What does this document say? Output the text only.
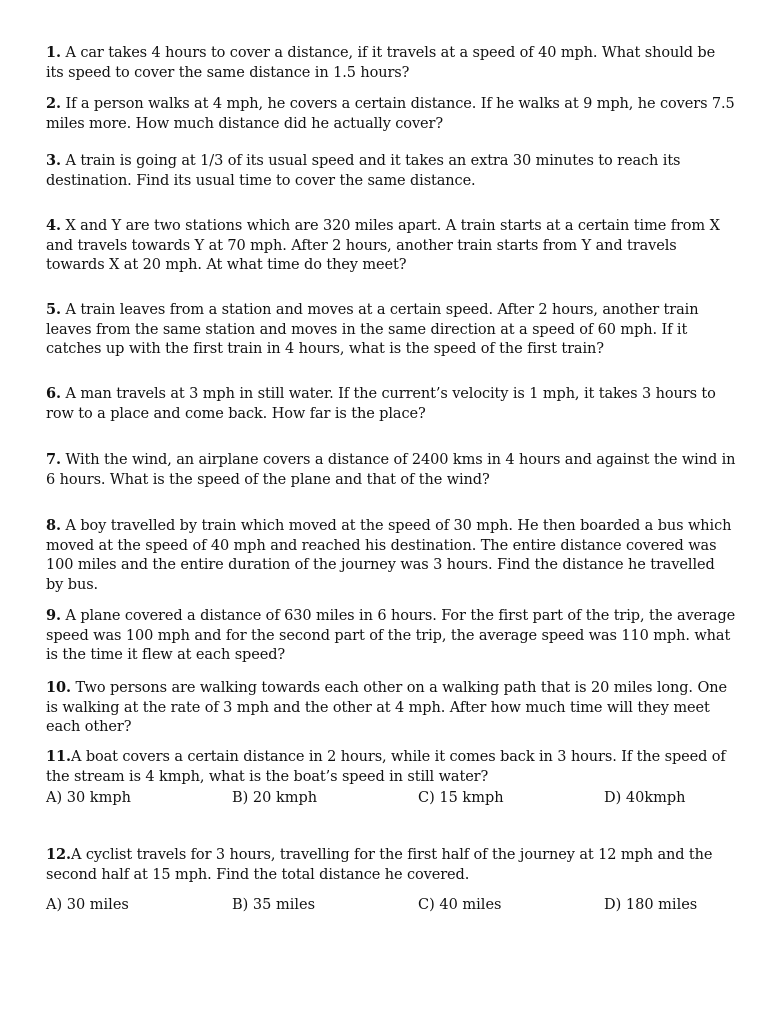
1. A car takes 4 hours to cover a distance, if it travels at a speed of 40 mph. What should be its speed to cover the same distance in 1.5 hours?
2. If a person walks at 4 mph, he covers a certain distance. If he walks at 9 mph, he covers 7.5 miles more. How much distance did he actually cover?
3. A train is going at 1/3 of its usual speed and it takes an extra 30 minutes to reach its destination. Find its usual time to cover the same distance.
4. X and Y are two stations which are 320 miles apart. A train starts at a certain time from X and travels towards Y at 70 mph. After 2 hours, another train starts from Y and travels towards X at 20 mph. At what time do they meet?
5. A train leaves from a station and moves at a certain speed. After 2 hours, another train leaves from the same station and moves in the same direction at a speed of 60 mph. If it catches up with the first train in 4 hours, what is the speed of the first train?
6. A man travels at 3 mph in still water. If the current’s velocity is 1 mph, it takes 3 hours to row to a place and come back. How far is the place?
7. With the wind, an airplane covers a distance of 2400 kms in 4 hours and against the wind in 6 hours. What is the speed of the plane and that of the wind?
8. A boy travelled by train which moved at the speed of 30 mph. He then boarded a bus which moved at the speed of 40 mph and reached his destination. The entire distance covered was 100 miles and the entire duration of the journey was 3 hours. Find the distance he travelled by bus.
9. A plane covered a distance of 630 miles in 6 hours. For the first part of the trip, the average speed was 100 mph and for the second part of the trip, the average speed was 110 mph. what is the time it flew at each speed?
10. Two persons are walking towards each other on a walking path that is 20 miles long. One is walking at the rate of 3 mph and the other at 4 mph. After how much time will they meet each other?
11.A boat covers a certain distance in 2 hours, while it comes back in 3 hours. If the speed of the stream is 4 kmph, what is the boat’s speed in still water?
A) 30 kmph	B) 20 kmph	C) 15 kmph	D) 40kmph
12.A cyclist travels for 3 hours, travelling for the first half of the journey at 12 mph and the second half at 15 mph. Find the total distance he covered.
A) 30 miles	B) 35 miles	C) 40 miles	D) 180 miles
